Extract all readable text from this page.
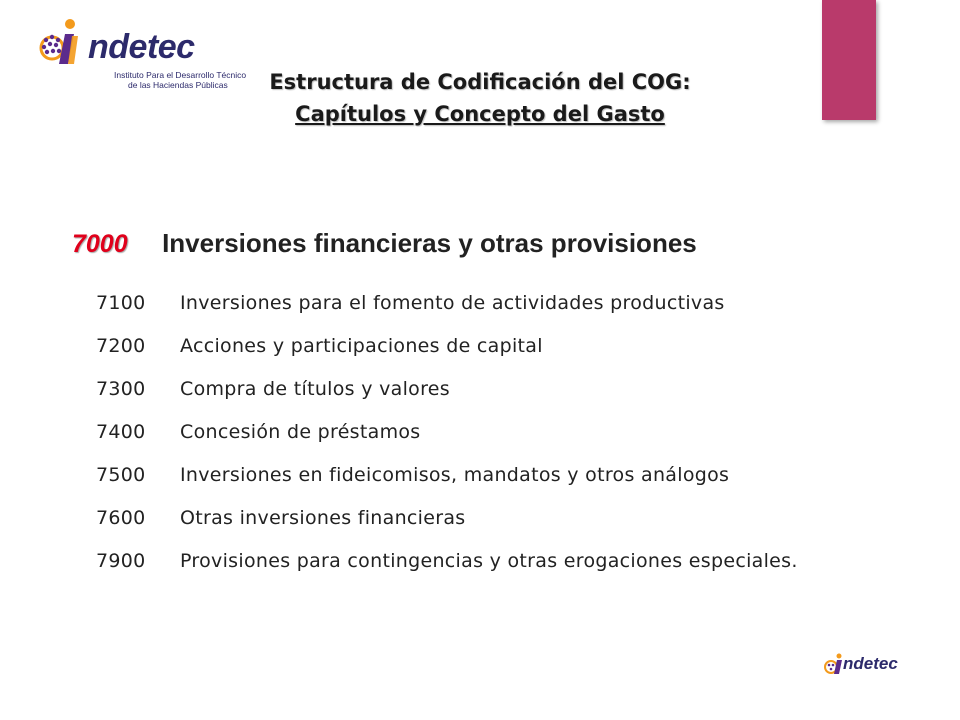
ndetec
Instituto Para el Desarrollo Técnico
de las Haciendas Públicas	Estructura de Codificación del COG:
Capítulos y Concepto del Gasto
7000 Inversiones financieras y otras provisiones
7100	Inversiones para el fomento de actividades productivas
7200	Acciones y participaciones de capital
7300	Compra de títulos y valores
7400	Concesión de préstamos
7500	Inversiones en fideicomisos, mandatos y otros análogos
7600	Otras inversiones financieras
7900	Provisiones para contingencias y otras erogaciones especiales.
ndetec
